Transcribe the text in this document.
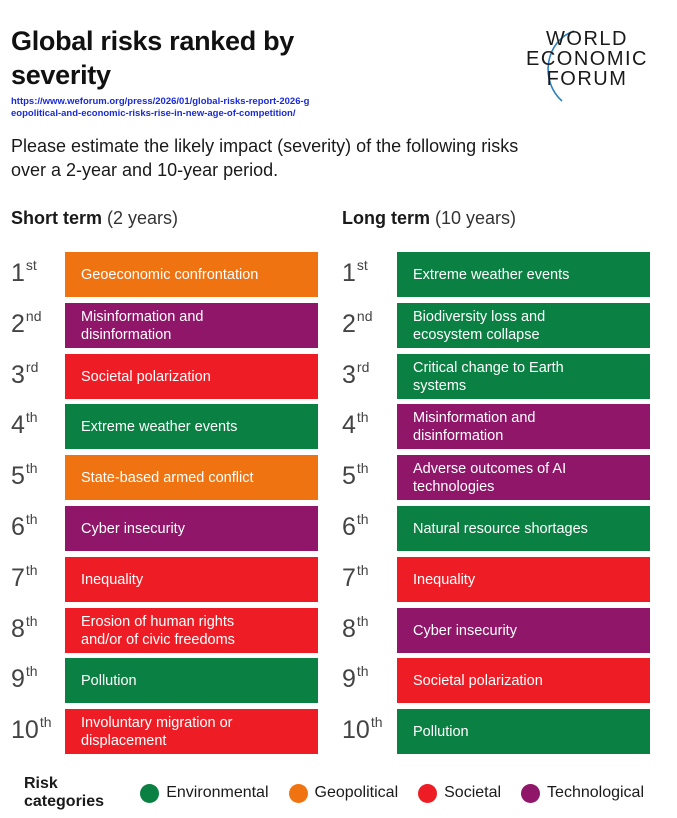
Global risks ranked by severity
https://www.weforum.org/press/2026/01/global-risks-report-2026-geopolitical-and-economic-risks-rise-in-new-age-of-competition/
Please estimate the likely impact (severity) of the following risks over a 2-year and 10-year period.
WORLD
ECONOMIC
FORUM
Short term (2 years)	Long term (10 years)
1st
Geoeconomic confrontation
2nd	Misinformation and disinformation
3rd
Societal polarization
4th
Extreme weather events
5th
State-based armed conflict
6th
Cyber insecurity
7th
Inequality
8th	Erosion of human rights and/or of civic freedoms
9th
Pollution
10th	Involuntary migration or displacement
1st
Extreme weather events
2nd	Biodiversity loss and ecosystem collapse
3rd	Critical change to Earth systems
4th	Misinformation and disinformation
5th	Adverse outcomes of AI technologies
6th
Natural resource shortages
7th
Inequality
8th
Cyber insecurity
9th
Societal polarization
10th
Pollution
Risk categories
Environmental	Geopolitical	Societal	Technological
